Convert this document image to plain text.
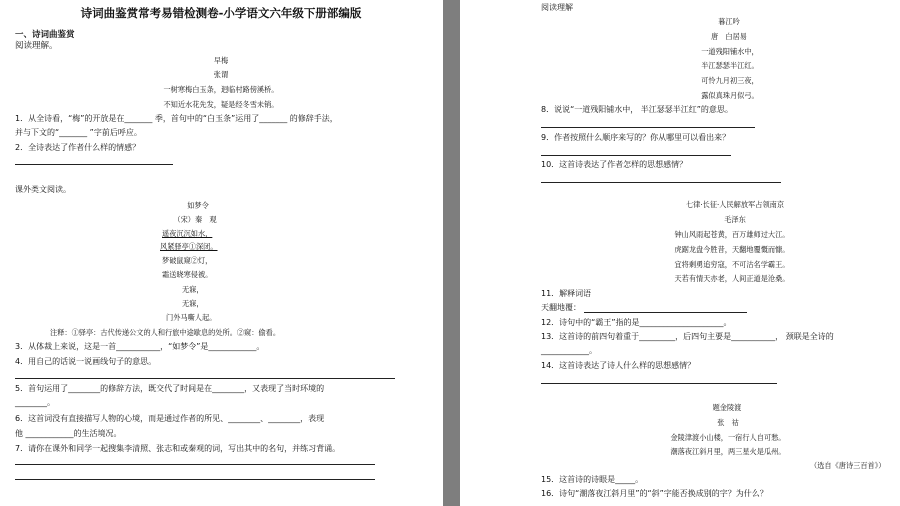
诗词曲鉴赏常考易错检测卷-小学语文六年级下册部编版
一、诗词曲鉴赏
阅读理解。
早梅
张谓
一树寒梅白玉条，迥临村路傍溪桥。
不知近水花先发，疑是经冬雪未销。
1．从全诗看，“梅”的开放是在_______ 季，首句中的“白玉条”运用了_______ 的修辞手法，
并与下文的“_______ ”字前后呼应。
2．全诗表达了作者什么样的情感？
课外类文阅读。
如梦令
（宋）秦　观
遥夜沉沉如水，
风紧驿亭①深闭。
梦破鼠窥②灯，
霜送晓寒侵被。
无寐，
无寐，
门外马嘶人起。
注释：①驿亭：古代传递公文的人和行旅中途歇息的处所。②窥：偷看。
3．从体裁上来说，这是一首___________，“如梦令”是____________。
4．用自己的话说一说画线句子的意思。
5．首句运用了________的修辞方法，既交代了时间是在________，又表现了当时环境的
________。
6．这首词没有直接描写人物的心境，而是通过作者的所见、________、________，表现
他 ____________的生活境况。
7．请你在课外和同学一起搜集李清照、张志和或秦观的词，写出其中的名句，并练习背诵。
阅读理解
暮江吟
唐　白居易
一道残阳铺水中，
半江瑟瑟半江红。
可怜九月初三夜，
露似真珠月似弓。
8．说说“一道残阳铺水中， 半江瑟瑟半江红”的意思。
9．作者按照什么顺序来写的？你从哪里可以看出来？
10．这首诗表达了作者怎样的思想感情？
七律·长征·人民解放军占领南京
毛泽东
钟山风雨起苍黄，百万雄师过大江。
虎踞龙盘今胜昔，天翻地覆慨而慷。
宜将剩勇追穷寇，不可沽名学霸王。
天若有情天亦老，人间正道是沧桑。
11．解释词语
天翻地覆：
12．诗句中的“霸王”指的是_____________________。
13．这首诗的前四句着重于_________，后四句主要是___________， 颈联是全诗的
____________。
14．这首诗表达了诗人什么样的思想感情？
题金陵渡
张　祜
金陵津渡小山楼，一宿行人自可愁。
潮落夜江斜月里，两三星火是瓜州。
（选自《唐诗三百首》）
15．这首诗的诗眼是_____。
16．诗句“潮落夜江斜月里”的“斜”字能否换成别的字？为什么？
